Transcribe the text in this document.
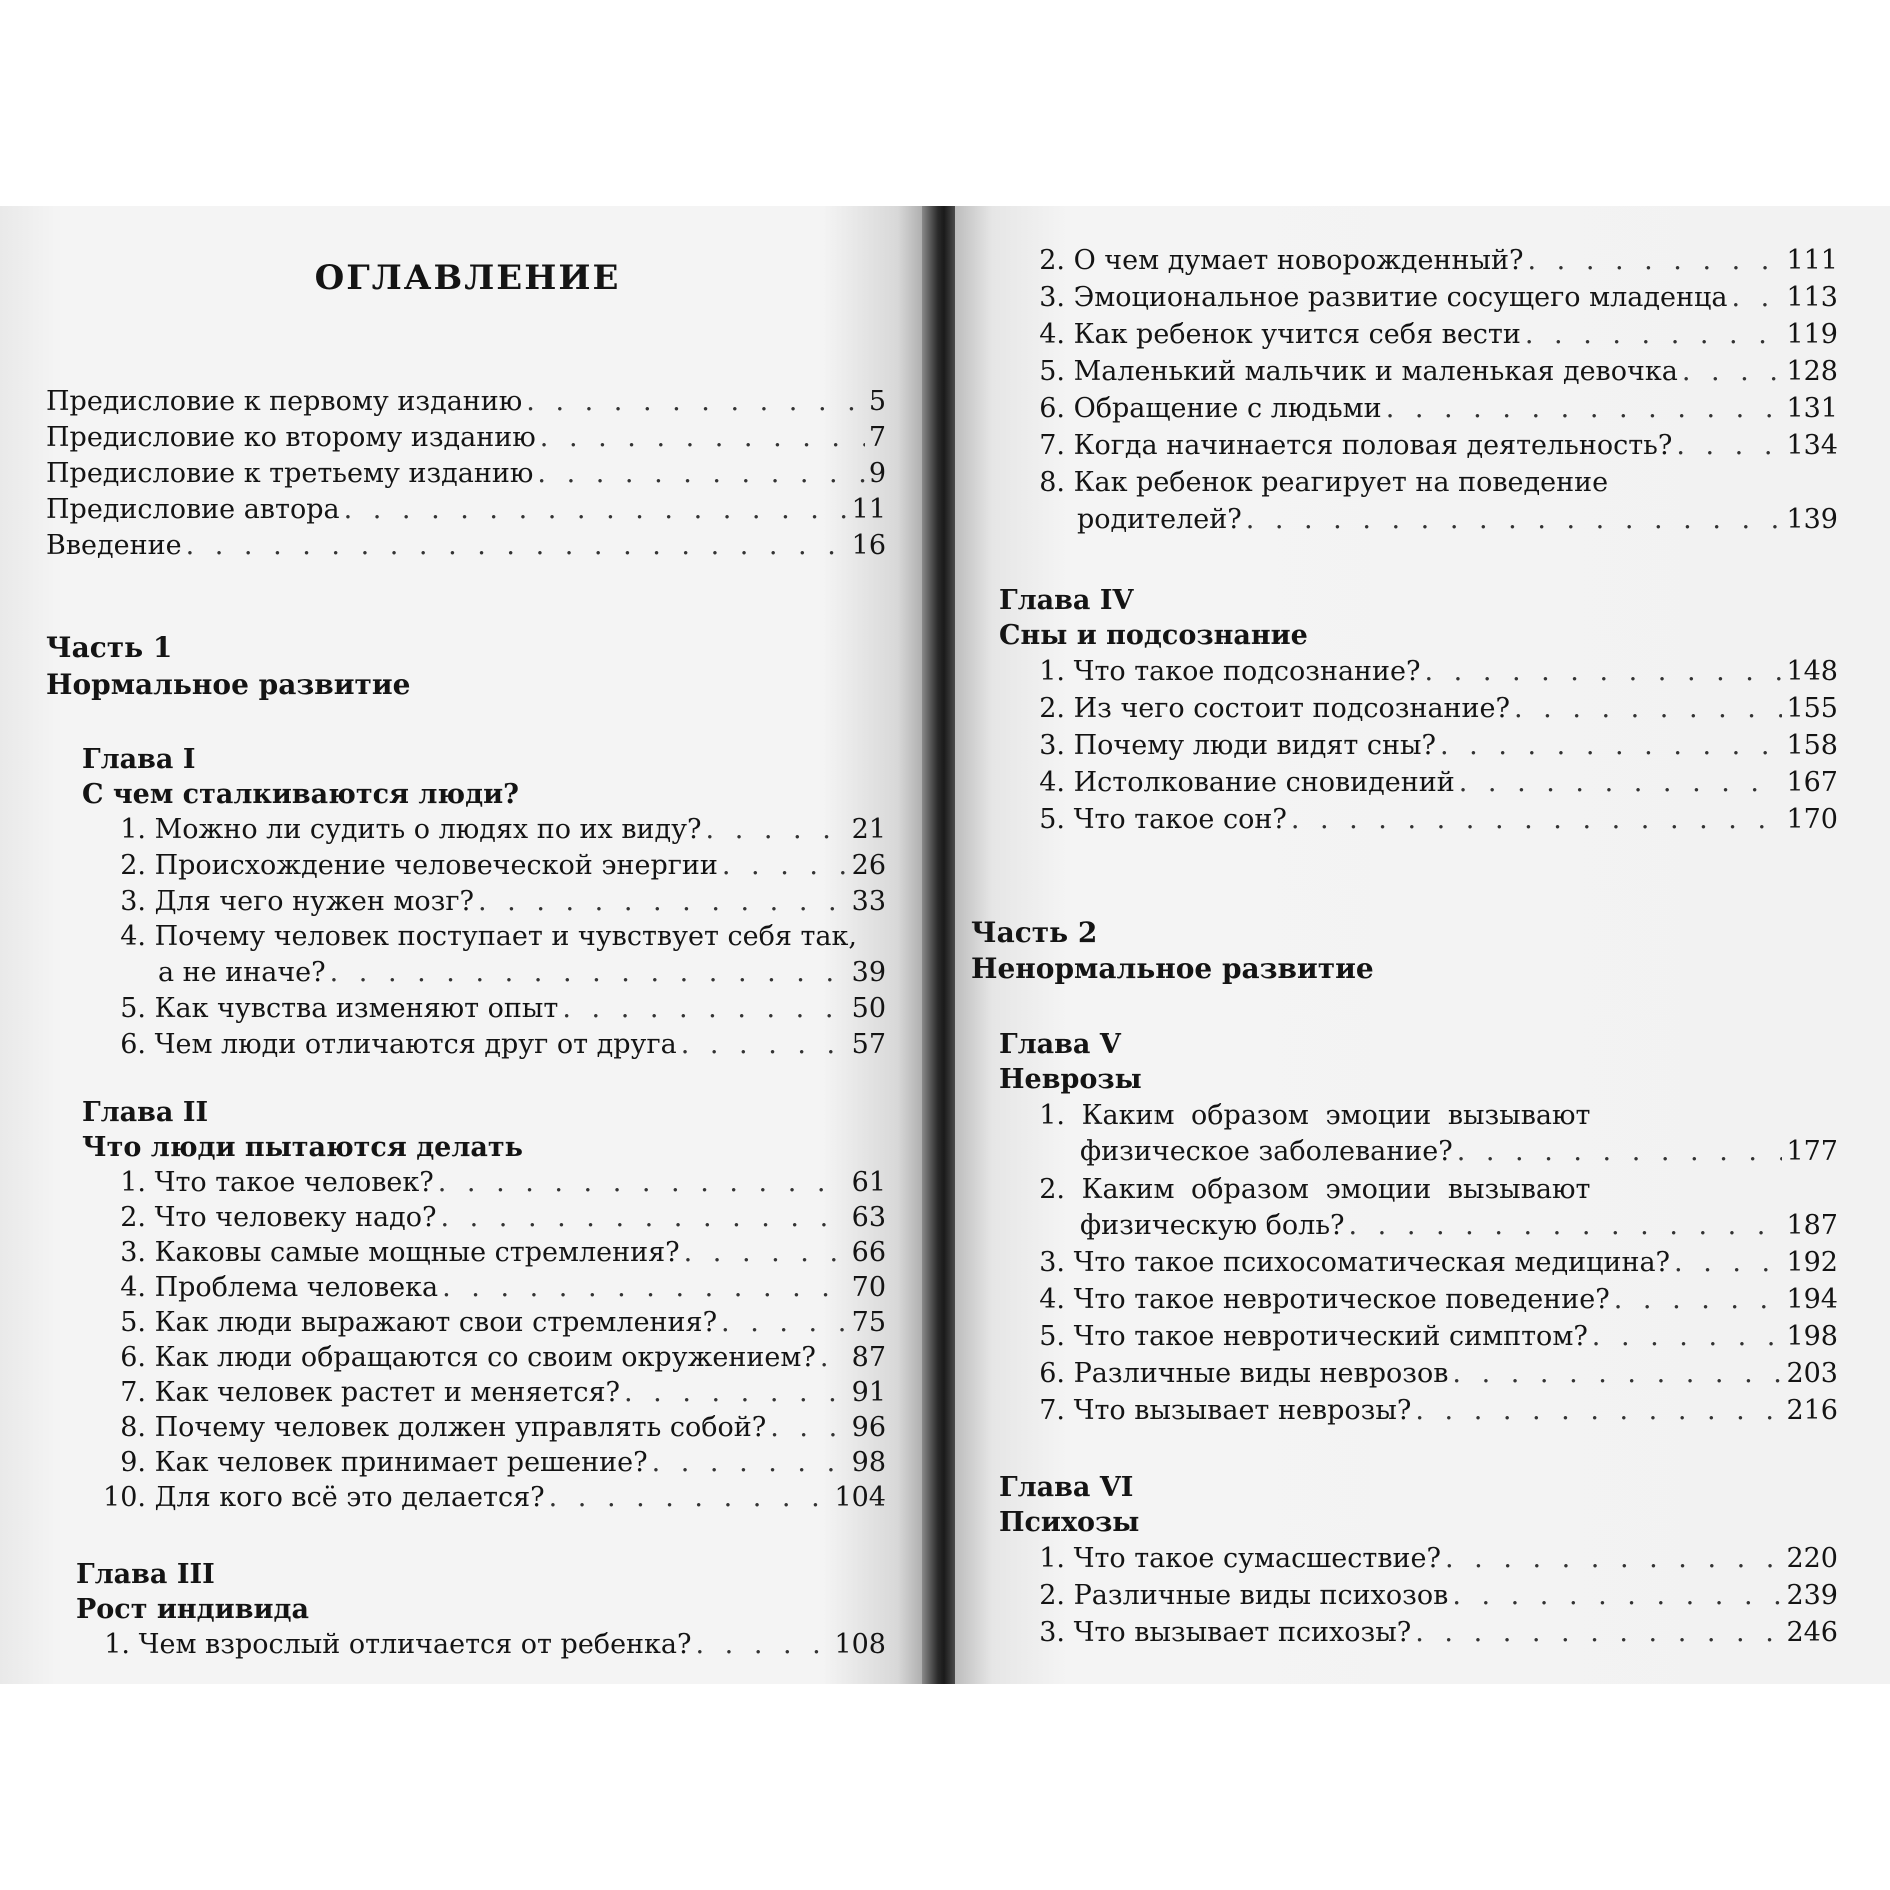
ОГЛАВЛЕНИЕ
Предисловие к первому изданию . . .	5
Предисловие ко второму изданию . . .	7
Предисловие к третьему изданию . . .	9
Предисловие автора . . .	11
Введение . . .	16
Часть 1
Нормальное развитие
Глава I
С чем сталкиваются люди?
1.
Можно ли судить о людях по их виду? . . .	21
2.
Происхождение человеческой энергии . . .	26
3.
Для чего нужен мозг? . . .	33
4. Почему человек поступает и чувствует себя так,
а не иначе? . . .	39
5.
Как чувства изменяют опыт . . .	50
6.
Чем люди отличаются друг от друга . . .	57
Глава II
Что люди пытаются делать
1.
Что такое человек? . . .	61
2.
Что человеку надо? . . .	63
3.
Каковы самые мощные стремления? . . .	66
4.
Проблема человека . . .	70
5.
Как люди выражают свои стремления? . . .	75
6.
Как люди обращаются со своим окружением? . . . 87
7.
Как человек растет и меняется? . . .	91
8.
Почему человек должен управлять собой? . . .	96
9.
Как человек принимает решение? . . .	98
10.
Для кого всё это делается? . . .	104
Глава III
Рост индивида
1.
Чем взрослый отличается от ребенка? . . .	108
2.
О чем думает новорожденный? . . .	111
3.
Эмоциональное развитие сосущего младенца . . . 113
4.
Как ребенок учится себя вести . . .	119
5.
Маленький мальчик и маленькая девочка . . .	128
6.
Обращение с людьми . . .	131
7.
Когда начинается половая деятельность? . . .	134
8. Как ребенок реагирует на поведение
родителей? . . .	139
Глава IV
Сны и подсознание
1.
Что такое подсознание? . . .	148
2.
Из чего состоит подсознание? . . .	155
3.
Почему люди видят сны? . . .	158
4.
Истолкование сновидений . . .	167
5.
Что такое сон? . . .	170
Часть 2
Ненормальное развитие
Глава V
Неврозы
1. Каким образом эмоции вызывают
физическое заболевание? . . .	177
2. Каким образом эмоции вызывают
физическую боль? . . .	187
3.
Что такое психосоматическая медицина? . . .	192
4.
Что такое невротическое поведение? . . .	194
5.
Что такое невротический симптом? . . .	198
6.
Различные виды неврозов . . .	203
7.
Что вызывает неврозы? . . .	216
Глава VI
Психозы
1.
Что такое сумасшествие? . . .	220
2.
Различные виды психозов . . .	239
3.
Что вызывает психозы? . . .	246
